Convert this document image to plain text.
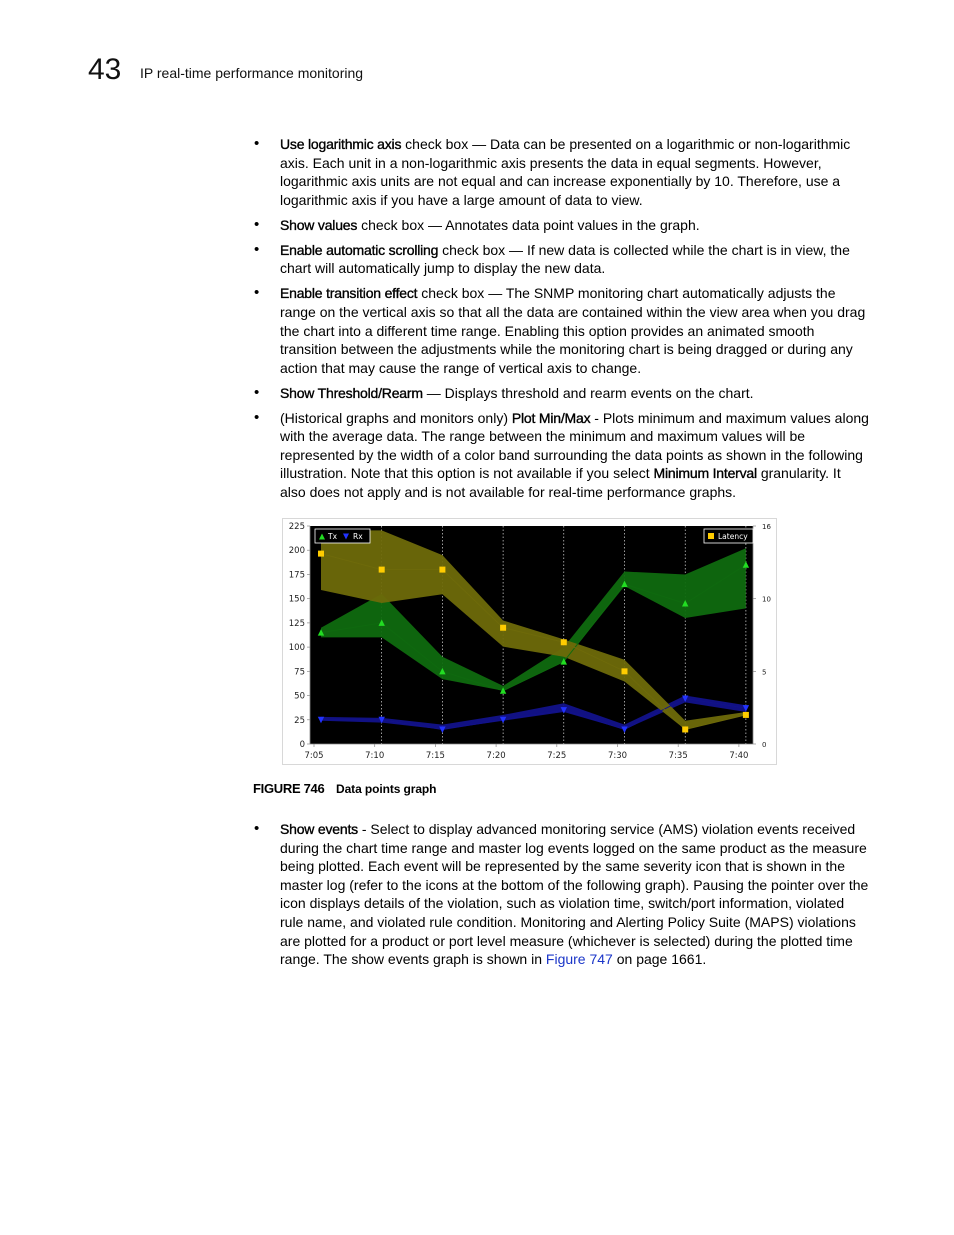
43 IP real-time performance monitoring
• Use logarithmic axis check box — Data can be presented on a logarithmic or non-logarithmic axis. Each unit in a non-logarithmic axis presents the data in equal segments. However, logarithmic axis units are not equal and can increase exponentially by 10. Therefore, use a logarithmic axis if you have a large amount of data to view.
• Show values check box — Annotates data point values in the graph.
• Enable automatic scrolling check box — If new data is collected while the chart is in view, the chart will automatically jump to display the new data.
• Enable transition effect check box — The SNMP monitoring chart automatically adjusts the range on the vertical axis so that all the data are contained within the view area when you drag the chart into a different time range. Enabling this option provides an animated smooth transition between the adjustments while the monitoring chart is being dragged or during any action that may cause the range of vertical axis to change.
• Show Threshold/Rearm — Displays threshold and rearm events on the chart.
• (Historical graphs and monitors only) Plot Min/Max - Plots minimum and maximum values along with the average data. The range between the minimum and maximum values will be represented by the width of a color band surrounding the data points as shown in the following illustration. Note that this option is not available if you select Minimum Interval granularity. It also does not apply and is not available for real-time performance graphs.
0
25
50
75
100
125
150
175
200
225
0
5
10
16
7:05	7:10	7:15	7:20	7:25	7:30	7:35	7:40
Tx Rx	Latency
FIGURE 746 Data points graph
• Show events - Select to display advanced monitoring service (AMS) violation events received during the chart time range and master log events logged on the same product as the measure being plotted. Each event will be represented by the same severity icon that is shown in the master log (refer to the icons at the bottom of the following graph). Pausing the pointer over the icon displays details of the violation, such as violation time, switch/port information, violated rule name, and violated rule condition. Monitoring and Alerting Policy Suite (MAPS) violations are plotted for a product or port level measure (whichever is selected) during the plotted time range. The show events graph is shown in Figure 747 on page 1661.
